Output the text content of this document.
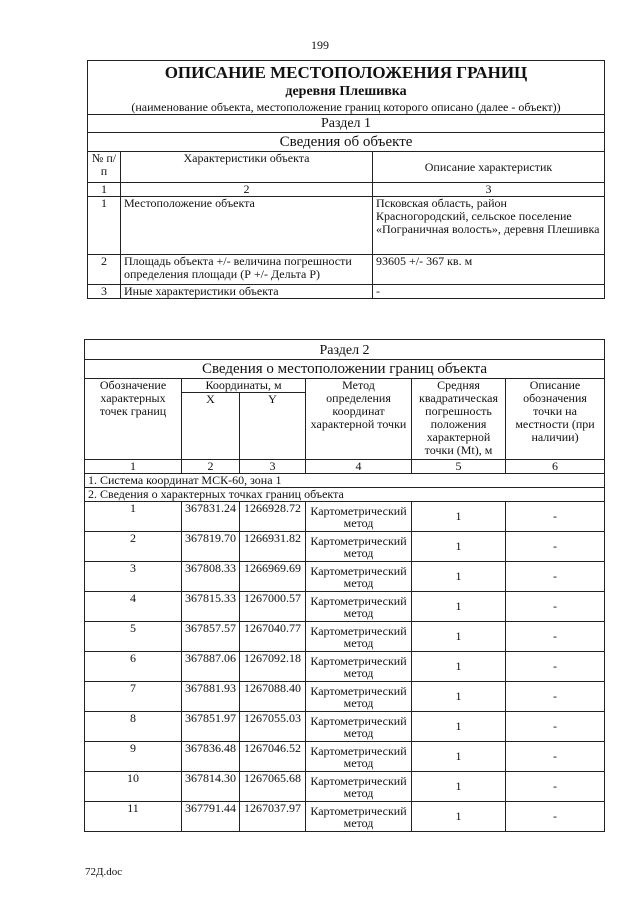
199
ОПИСАНИЕ МЕСТОПОЛОЖЕНИЯ ГРАНИЦ
деревня Плешивка
(наименование объекта, местоположение границ которого описано (далее - объект))		

Раздел 1		
Сведения об объекте		
№ п/п	Характеристики объекта	Описание характеристик
1	2	3
1	Местоположение объекта	Псковская область, район Красногородский, сельское поселение «Пограничная волость», деревня Плешивка
2	Площадь объекта +/- величина погрешности определения площади (Р +/- Дельта Р)	93605 +/- 367 кв. м
3	Иные характеристики объекта	-
Раздел 2					
Сведения о местоположении границ объекта					
Обозначение характерных точек границ	Координаты, м		Метод определения координат характерной точки	Средняя квадратическая погрешность положения характерной точки (Mt), м	Описание обозначения точки на местности (при наличии)
	X	Y			
1	2	3	4	5	6
1. Система координат МСК-60, зона 1					
2. Сведения о характерных точках границ объекта					
1	367831.24	1266928.72	Картометрический метод	1	-
2	367819.70	1266931.82	Картометрический метод	1	-
3	367808.33	1266969.69	Картометрический метод	1	-
4	367815.33	1267000.57	Картометрический метод	1	-
5	367857.57	1267040.77	Картометрический метод	1	-
6	367887.06	1267092.18	Картометрический метод	1	-
7	367881.93	1267088.40	Картометрический метод	1	-
8	367851.97	1267055.03	Картометрический метод	1	-
9	367836.48	1267046.52	Картометрический метод	1	-
10	367814.30	1267065.68	Картометрический метод	1	-
11	367791.44	1267037.97	Картометрический метод	1	-
72Д.doc
